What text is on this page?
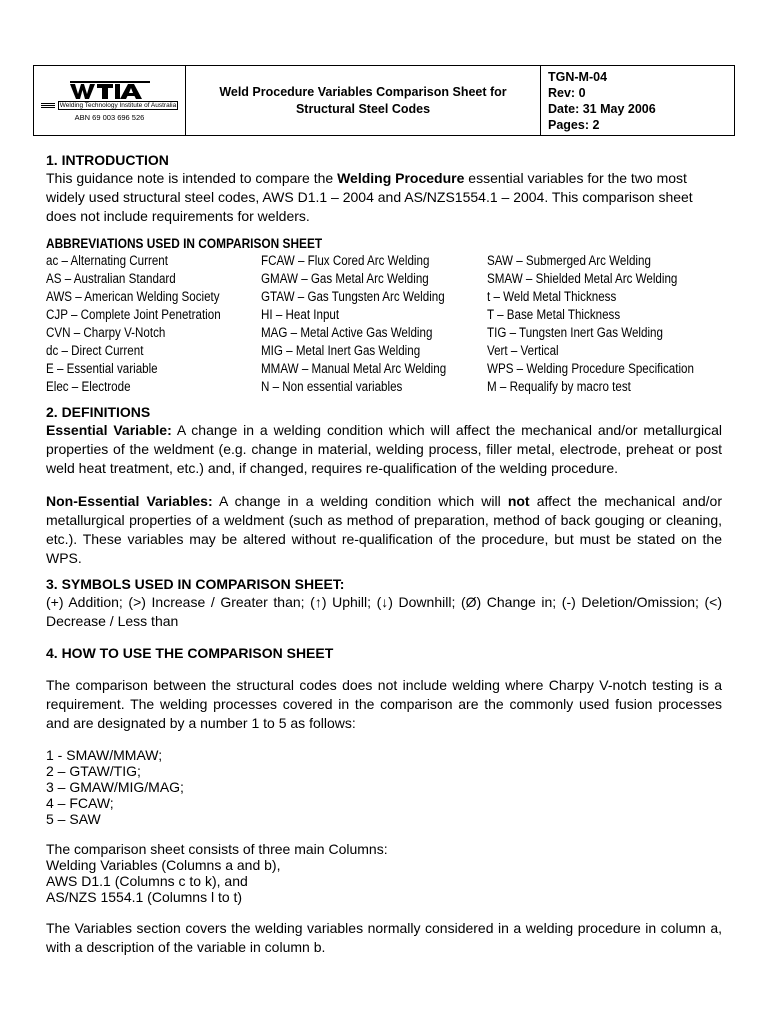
Welding Technology Institute of Australia
ABN 69 003 696 526
Weld Procedure Variables Comparison Sheet for
Structural Steel Codes
TGN-M-04
Rev: 0
Date: 31 May 2006
Pages: 2
1. INTRODUCTION

This guidance note is intended to compare the Welding Procedure essential variables for the two most widely used structural steel codes, AWS D1.1 – 2004 and AS/NZS1554.1 – 2004. This comparison sheet does not include requirements for welders.

ABBREVIATIONS USED IN COMPARISON SHEET
ac – Alternating Current
AS – Australian Standard
AWS – American Welding Society
CJP – Complete Joint Penetration
CVN – Charpy V-Notch
dc – Direct Current
E – Essential variable
Elec – Electrode
FCAW – Flux Cored Arc Welding
GMAW – Gas Metal Arc Welding
GTAW – Gas Tungsten Arc Welding
HI – Heat Input
MAG – Metal Active Gas Welding
MIG – Metal Inert Gas Welding
MMAW – Manual Metal Arc Welding
N – Non essential variables
SAW – Submerged Arc Welding
SMAW – Shielded Metal Arc Welding
t – Weld Metal Thickness
T – Base Metal Thickness
TIG – Tungsten Inert Gas Welding
Vert – Vertical
WPS – Welding Procedure Specification
M – Requalify by macro test
2. DEFINITIONS

Essential Variable: A change in a welding condition which will affect the mechanical and/or metallurgical properties of the weldment (e.g. change in material, welding process, filler metal, electrode, preheat or post weld heat treatment, etc.) and, if changed, requires re-qualification of the welding procedure.

Non-Essential Variables: A change in a welding condition which will not affect the mechanical and/or metallurgical properties of a weldment (such as method of preparation, method of back gouging or cleaning, etc.). These variables may be altered without re-qualification of the procedure, but must be stated on the WPS.

3. SYMBOLS USED IN COMPARISON SHEET:

(+) Addition; (>) Increase / Greater than; (↑) Uphill; (↓) Downhill; (Ø) Change in; (-) Deletion/Omission; (<) Decrease / Less than

4. HOW TO USE THE COMPARISON SHEET

The comparison between the structural codes does not include welding where Charpy V-notch testing is a requirement. The welding processes covered in the comparison are the commonly used fusion processes and are designated by a number 1 to 5 as follows:

1 - SMAW/MMAW;
2 – GTAW/TIG;
3 – GMAW/MIG/MAG;
4 – FCAW;
5 – SAW
The comparison sheet consists of three main Columns:
Welding Variables (Columns a and b),
AWS D1.1 (Columns c to k), and
AS/NZS 1554.1 (Columns l to t)

The Variables section covers the welding variables normally considered in a welding procedure in column a, with a description of the variable in column b.
